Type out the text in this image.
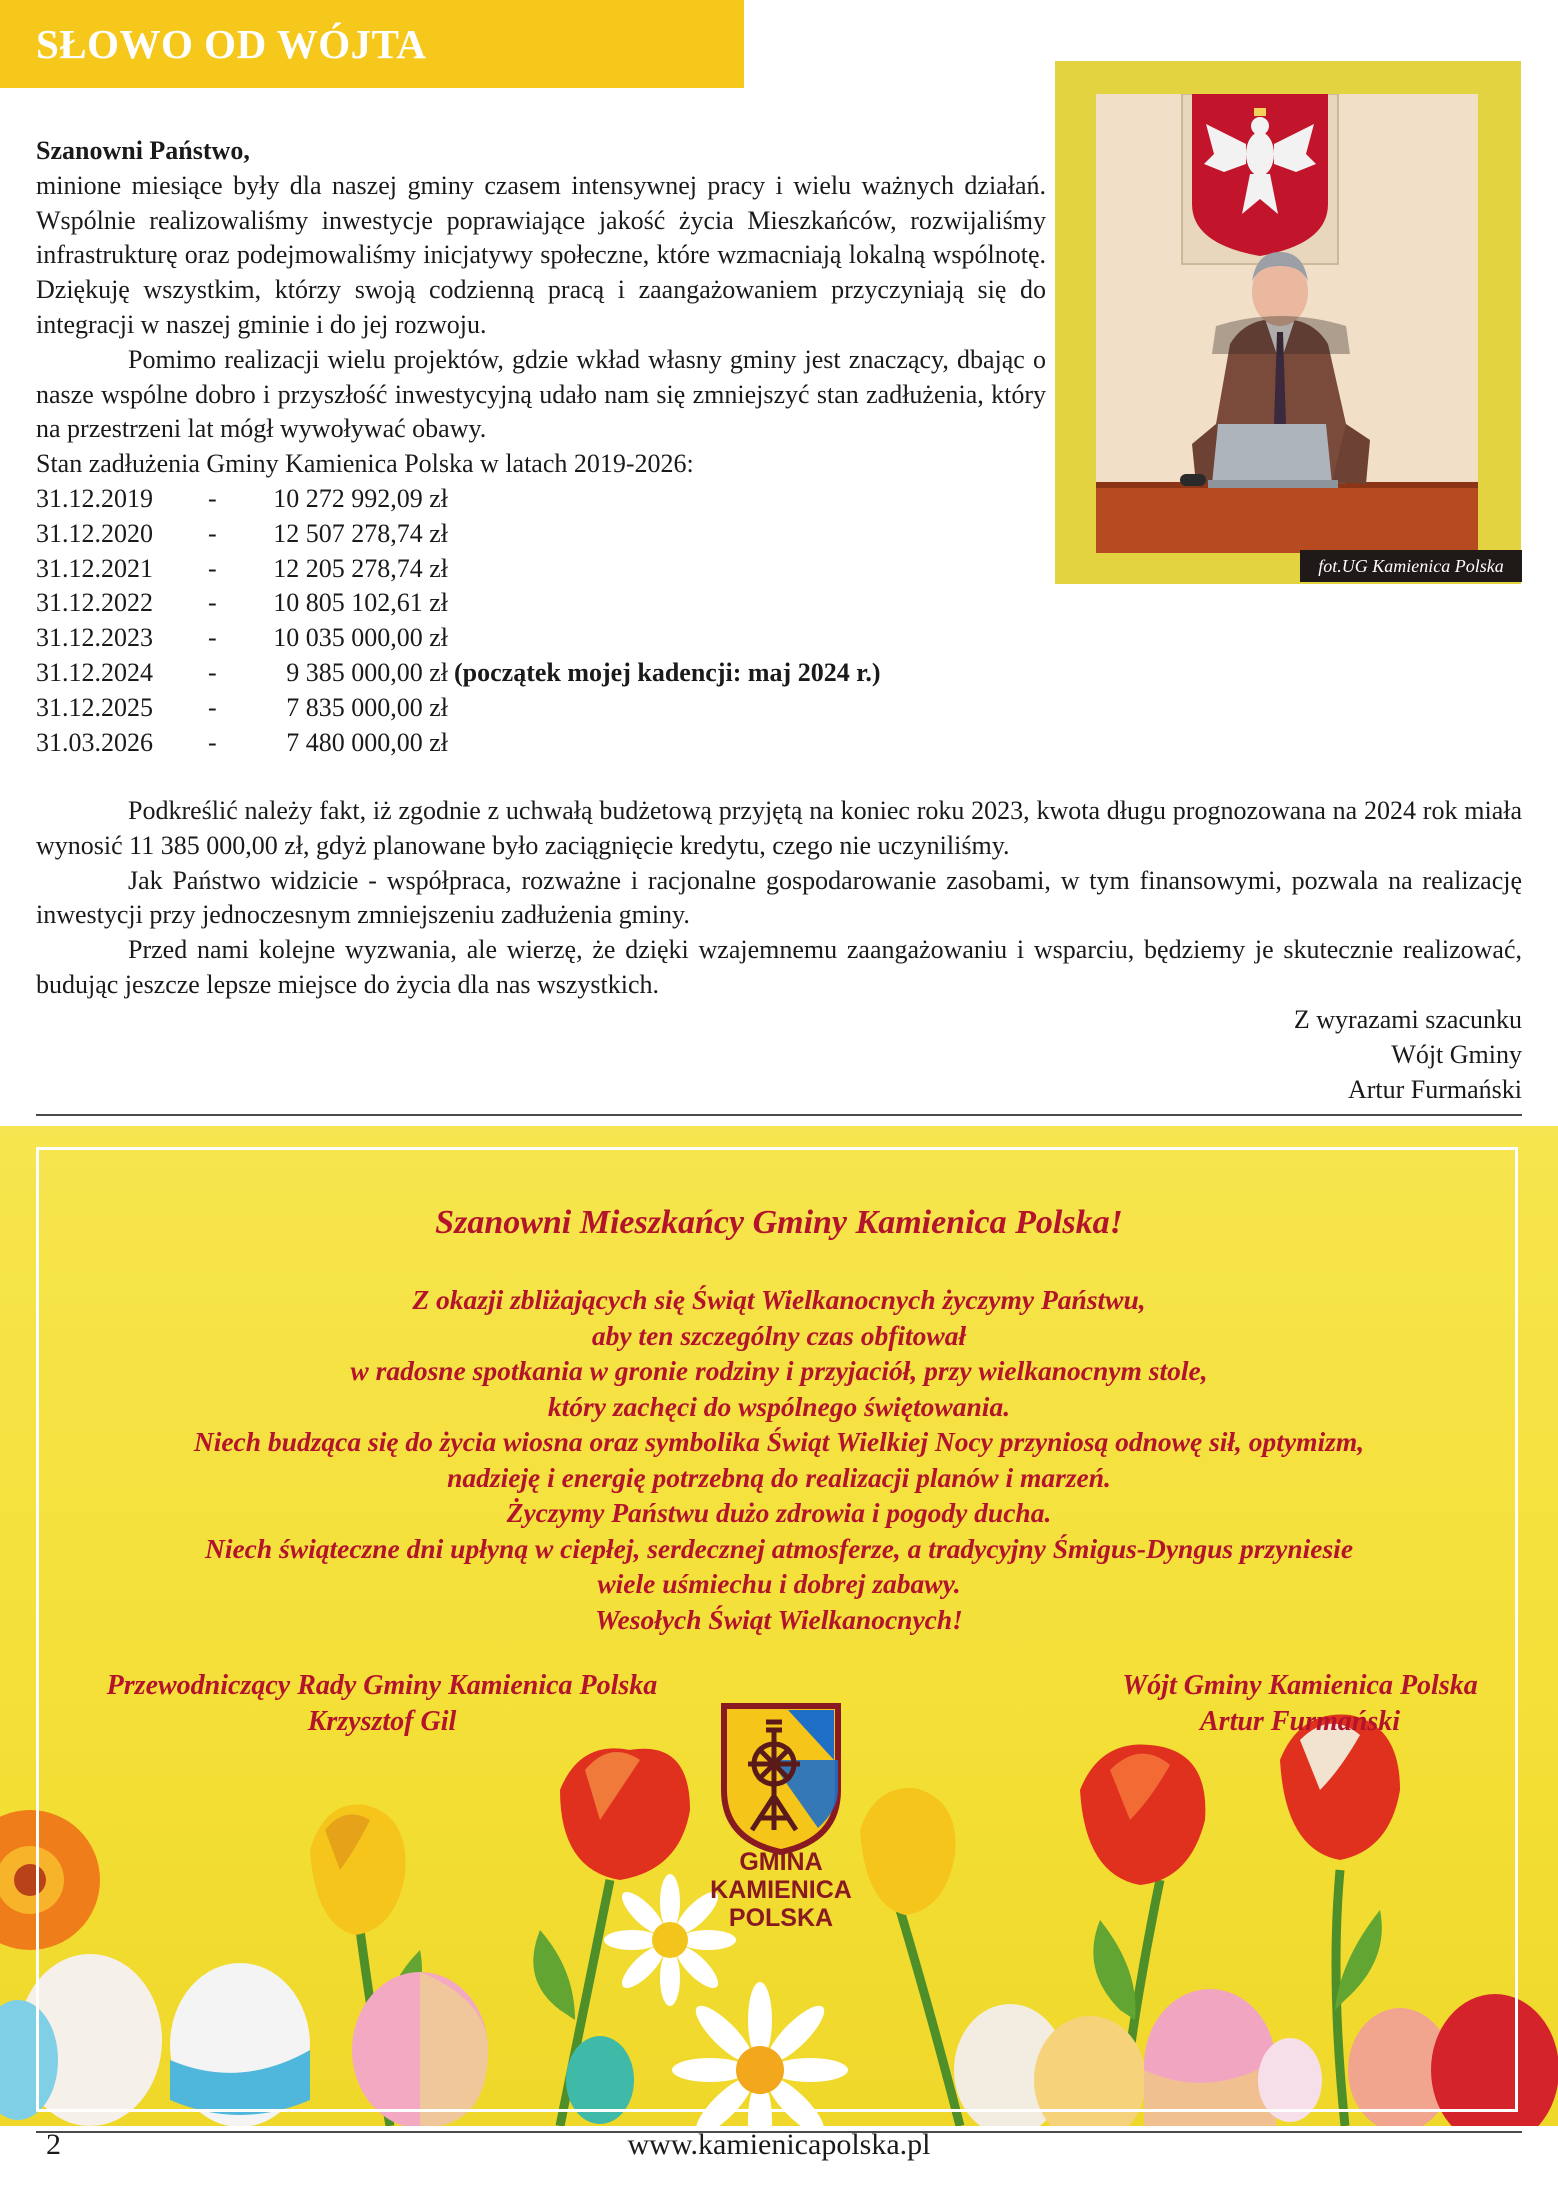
SŁOWO OD WÓJTA
fot.UG Kamienica Polska

Szanowni Państwo,

minione miesiące były dla naszej gminy czasem intensywnej pracy i wielu ważnych działań. Wspólnie realizowaliśmy inwestycje poprawiające jakość życia Mieszkańców, rozwijaliśmy infrastrukturę oraz podejmowaliśmy inicjatywy społeczne, które wzmacniają lokalną wspólnotę. Dziękuję wszystkim, którzy swoją codzienną pracą i zaangażowaniem przyczyniają się do integracji w naszej gminie i do jej rozwoju.

Pomimo realizacji wielu projektów, gdzie wkład własny gminy jest znaczący, dbając o nasze wspólne dobro i przyszłość inwestycyjną udało nam się zmniejszyć stan zadłużenia, który na przestrzeni lat mógł wywoływać obawy.

Stan zadłużenia Gminy Kamienica Polska w latach 2019-2026:

31.12.2019	-	10 272 992,09 zł
31.12.2020	-	12 507 278,74 zł
31.12.2021	-	12 205 278,74 zł
31.12.2022	-	10 805 102,61 zł
31.12.2023	-	10 035 000,00 zł
31.12.2024	-	9 385 000,00 zł (początek mojej kadencji: maj 2024 r.)
31.12.2025	-	7 835 000,00 zł
31.03.2026	-	7 480 000,00 zł

Podkreślić należy fakt, iż zgodnie z uchwałą budżetową przyjętą na koniec roku 2023, kwota długu prognozowana na 2024 rok miała wynosić 11 385 000,00 zł, gdyż planowane było zaciągnięcie kredytu, czego nie uczyniliśmy.

Jak Państwo widzicie - współpraca, rozważne i racjonalne gospodarowanie zasobami, w tym finansowymi, pozwala na realizację inwestycji przy jednoczesnym zmniejszeniu zadłużenia gminy.

Przed nami kolejne wyzwania, ale wierzę, że dzięki wzajemnemu zaangażowaniu i wsparciu, będziemy je skutecznie realizować, budując jeszcze lepsze miejsce do życia dla nas wszystkich.

Z wyrazami szacunku
Wójt Gminy
Artur Furmański
Szanowni Mieszkańcy Gminy Kamienica Polska!
Z okazji zbliżających się Świąt Wielkanocnych życzymy Państwu,
aby ten szczególny czas obfitował
w radosne spotkania w gronie rodziny i przyjaciół, przy wielkanocnym stole,
który zachęci do wspólnego świętowania.
Niech budząca się do życia wiosna oraz symbolika Świąt Wielkiej Nocy przyniosą odnowę sił, optymizm,
nadzieję i energię potrzebną do realizacji planów i marzeń.
Życzymy Państwu dużo zdrowia i pogody ducha.
Niech świąteczne dni upłyną w ciepłej, serdecznej atmosferze, a tradycyjny Śmigus-Dyngus przyniesie
wiele uśmiechu i dobrej zabawy.
Wesołych Świąt Wielkanocnych!
Przewodniczący Rady Gminy Kamienica Polska
Krzysztof Gil
Wójt Gminy Kamienica Polska
Artur Furmański
GMINA
KAMIENICA
POLSKA
2	www.kamienicapolska.pl
